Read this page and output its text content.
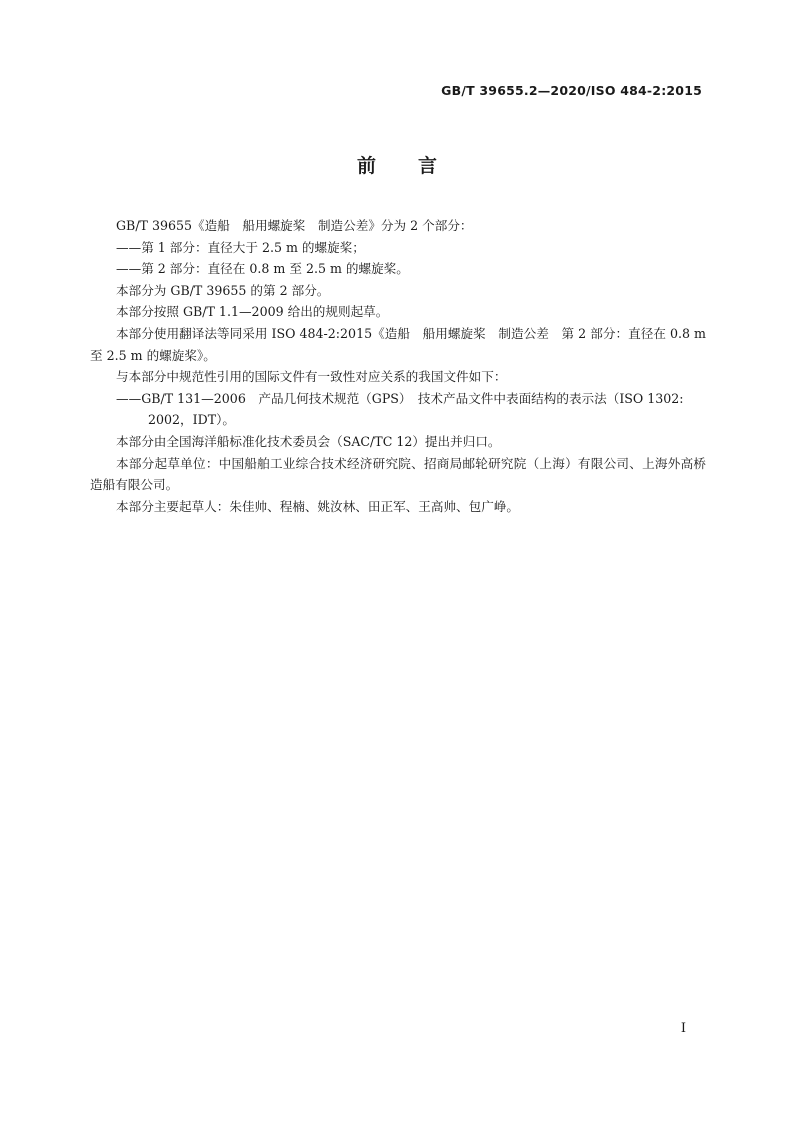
GB/T 39655.2—2020/ISO 484-2:2015
前言

GB/T 39655《造船　船用螺旋桨　制造公差》分为 2 个部分：

——第 1 部分：直径大于 2.5 m 的螺旋桨；

——第 2 部分：直径在 0.8 m 至 2.5 m 的螺旋桨。

本部分为 GB/T 39655 的第 2 部分。

本部分按照 GB/T 1.1—2009 给出的规则起草。

本部分使用翻译法等同采用 ISO 484-2:2015《造船　船用螺旋桨　制造公差　第 2 部分：直径在 0.8 m 至 2.5 m 的螺旋桨》。

与本部分中规范性引用的国际文件有一致性对应关系的我国文件如下：

——GB/T 131—2006　产品几何技术规范（GPS）　技术产品文件中表面结构的表示法（ISO 1302:

2002，IDT）。

本部分由全国海洋船标准化技术委员会（SAC/TC 12）提出并归口。

本部分起草单位：中国船舶工业综合技术经济研究院、招商局邮轮研究院（上海）有限公司、上海外高桥造船有限公司。

本部分主要起草人：朱佳帅、程楠、姚汝林、田正军、王高帅、包广峥。

I
